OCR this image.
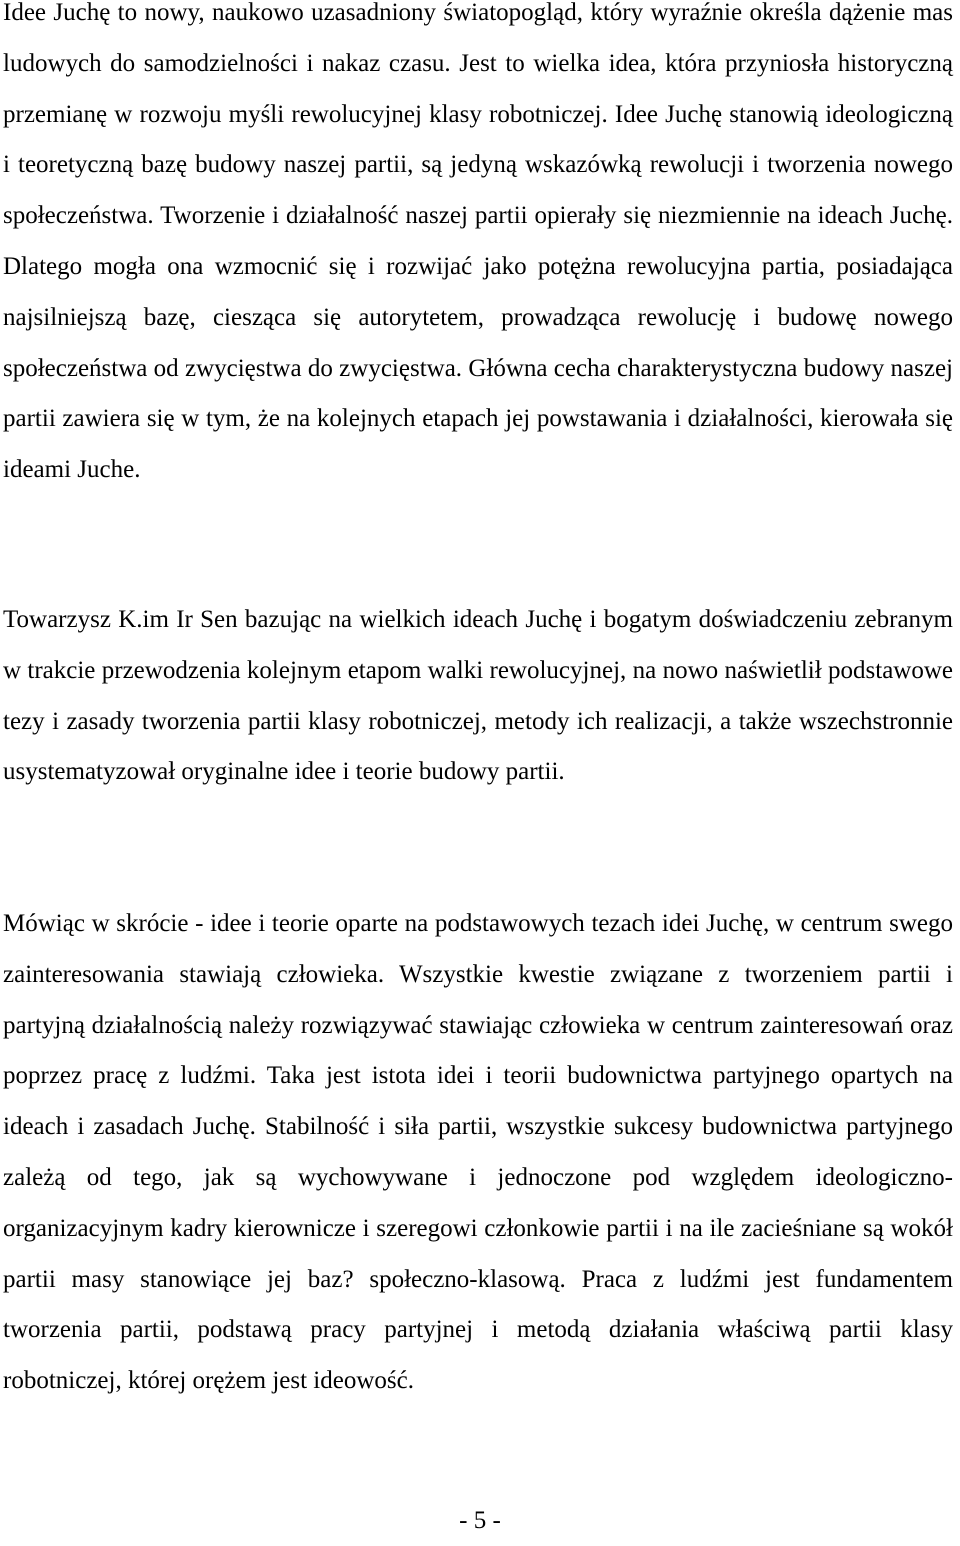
Idee Juchę to nowy, naukowo uzasadniony światopogląd, który wyraźnie określa dążenie mas ludowych do samodzielności i nakaz czasu. Jest to wielka idea, która przyniosła historyczną przemianę w rozwoju myśli rewolucyjnej klasy robotniczej. Idee Juchę stanowią ideologiczną i teoretyczną bazę budowy naszej partii, są jedyną wskazówką rewolucji i tworzenia nowego społeczeństwa. Tworzenie i działalność naszej partii opierały się niezmiennie na ideach Juchę. Dlatego mogła ona wzmocnić się i rozwijać jako potężna rewolucyjna partia, posiadająca najsilniejszą bazę, ciesząca się autorytetem, prowadząca rewolucję i budowę nowego społeczeństwa od zwycięstwa do zwycięstwa. Główna cecha charakterystyczna budowy naszej partii zawiera się w tym, że na kolejnych etapach jej powstawania i działalności, kierowała się ideami Juche.

Towarzysz K.im Ir Sen bazując na wielkich ideach Juchę i bogatym doświadczeniu zebranym w trakcie przewodzenia kolejnym etapom walki rewolucyjnej, na nowo naświetlił podstawowe tezy i zasady tworzenia partii klasy robotniczej, metody ich realizacji, a także wszechstronnie usystematyzował oryginalne idee i teorie budowy partii.

Mówiąc w skrócie - idee i teorie oparte na podstawowych tezach idei Juchę, w centrum swego zainteresowania stawiają człowieka. Wszystkie kwestie związane z tworzeniem partii i partyjną działalnością należy rozwiązywać stawiając człowieka w centrum zainteresowań oraz poprzez pracę z ludźmi. Taka jest istota idei i teorii budownictwa partyjnego opartych na ideach i zasadach Juchę. Stabilność i siła partii, wszystkie sukcesy budownictwa partyjnego zależą od tego, jak są wychowywane i jednoczone pod względem ideologiczno-organizacyjnym kadry kierownicze i szeregowi członkowie partii i na ile zacieśniane są wokół partii masy stanowiące jej baz? społeczno-klasową. Praca z ludźmi jest fundamentem tworzenia partii, podstawą pracy partyjnej i metodą działania właściwą partii klasy robotniczej, której orężem jest ideowość.

- 5 -
